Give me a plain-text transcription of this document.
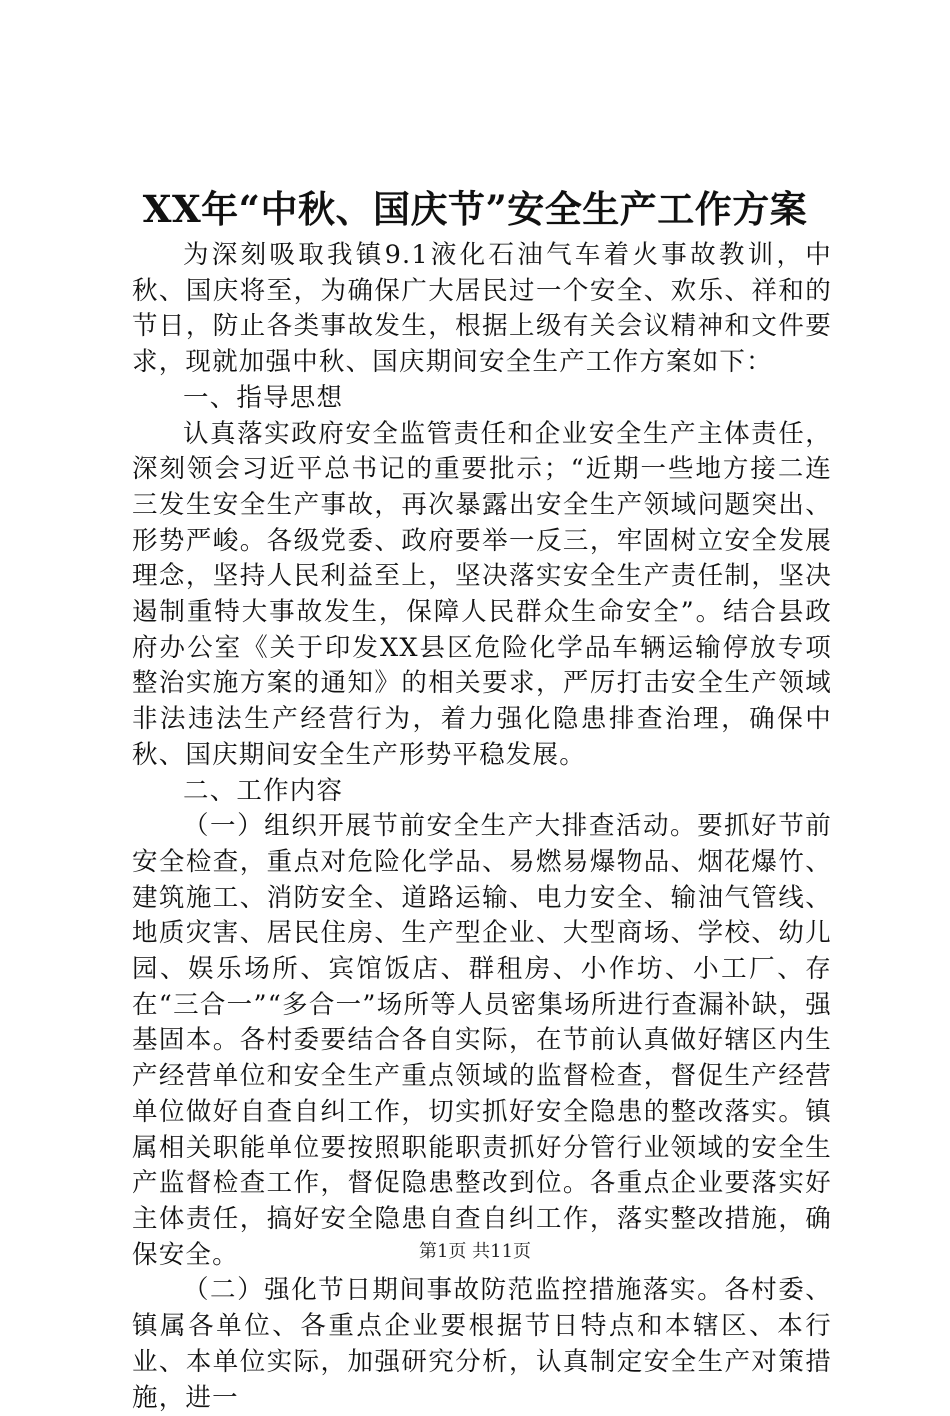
XX年“中秋、国庆节”安全生产工作方案

为深刻吸取我镇9.1液化石油气车着火事故教训，中秋、国庆将至，为确保广大居民过一个安全、欢乐、祥和的节日，防止各类事故发生，根据上级有关会议精神和文件要求，现就加强中秋、国庆期间安全生产工作方案如下：

一、指导思想

认真落实政府安全监管责任和企业安全生产主体责任，深刻领会习近平总书记的重要批示；“近期一些地方接二连三发生安全生产事故，再次暴露出安全生产领域问题突出、形势严峻。各级党委、政府要举一反三，牢固树立安全发展理念，坚持人民利益至上，坚决落实安全生产责任制，坚决遏制重特大事故发生，保障人民群众生命安全”。结合县政府办公室《关于印发XX县区危险化学品车辆运输停放专项整治实施方案的通知》的相关要求，严厉打击安全生产领域非法违法生产经营行为，着力强化隐患排查治理，确保中秋、国庆期间安全生产形势平稳发展。

二、工作内容

（一）组织开展节前安全生产大排查活动。要抓好节前安全检查，重点对危险化学品、易燃易爆物品、烟花爆竹、建筑施工、消防安全、道路运输、电力安全、输油气管线、地质灾害、居民住房、生产型企业、大型商场、学校、幼儿园、娱乐场所、宾馆饭店、群租房、小作坊、小工厂、存在“三合一”“多合一”场所等人员密集场所进行查漏补缺，强基固本。各村委要结合各自实际，在节前认真做好辖区内生产经营单位和安全生产重点领域的监督检查，督促生产经营单位做好自查自纠工作，切实抓好安全隐患的整改落实。镇属相关职能单位要按照职能职责抓好分管行业领域的安全生产监督检查工作，督促隐患整改到位。各重点企业要落实好主体责任，搞好安全隐患自查自纠工作，落实整改措施，确保安全。

（二）强化节日期间事故防范监控措施落实。各村委、镇属各单位、各重点企业要根据节日特点和本辖区、本行业、本单位实际，加强研究分析，认真制定安全生产对策措施，进一

第1页 共11页
